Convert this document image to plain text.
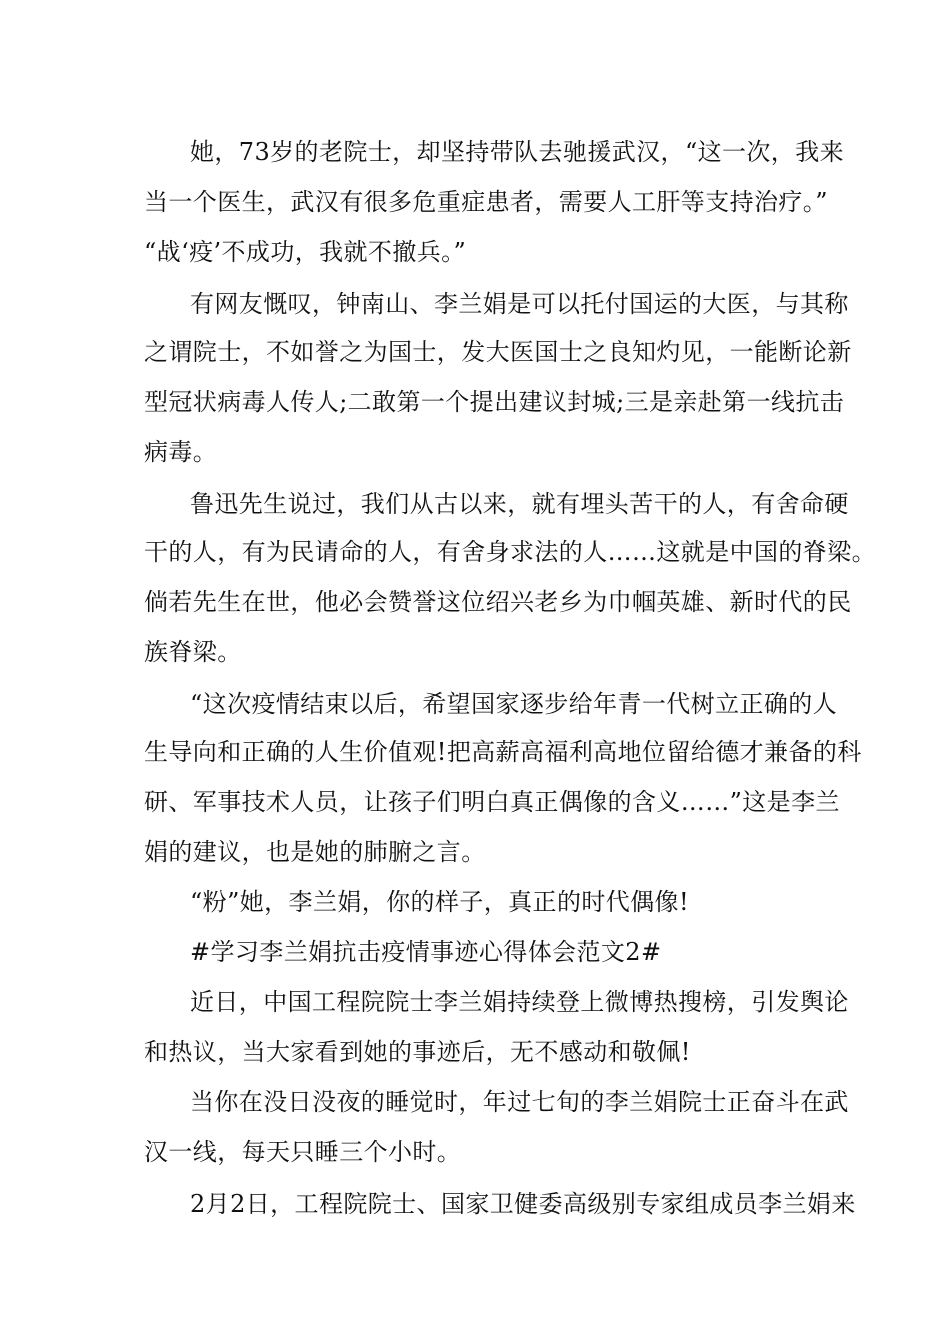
她，73岁的老院士，却坚持带队去驰援武汉，“这一次，我来
当一个医生，武汉有很多危重症患者，需要人工肝等支持治疗。”
“战‘疫’不成功，我就不撤兵。”
有网友慨叹，钟南山、李兰娟是可以托付国运的大医，与其称
之谓院士，不如誉之为国士，发大医国士之良知灼见，一能断论新
型冠状病毒人传人;二敢第一个提出建议封城;三是亲赴第一线抗击
病毒。
鲁迅先生说过，我们从古以来，就有埋头苦干的人，有舍命硬
干的人，有为民请命的人，有舍身求法的人……这就是中国的脊梁。
倘若先生在世，他必会赞誉这位绍兴老乡为巾帼英雄、新时代的民
族脊梁。
“这次疫情结束以后，希望国家逐步给年青一代树立正确的人
生导向和正确的人生价值观!把高薪高福利高地位留给德才兼备的科
研、军事技术人员，让孩子们明白真正偶像的含义……”这是李兰
娟的建议，也是她的肺腑之言。
“粉”她，李兰娟，你的样子，真正的时代偶像!
#学习李兰娟抗击疫情事迹心得体会范文2#
近日，中国工程院院士李兰娟持续登上微博热搜榜，引发舆论
和热议，当大家看到她的事迹后，无不感动和敬佩!
当你在没日没夜的睡觉时，年过七旬的李兰娟院士正奋斗在武
汉一线，每天只睡三个小时。
2月2日，工程院院士、国家卫健委高级别专家组成员李兰娟来
